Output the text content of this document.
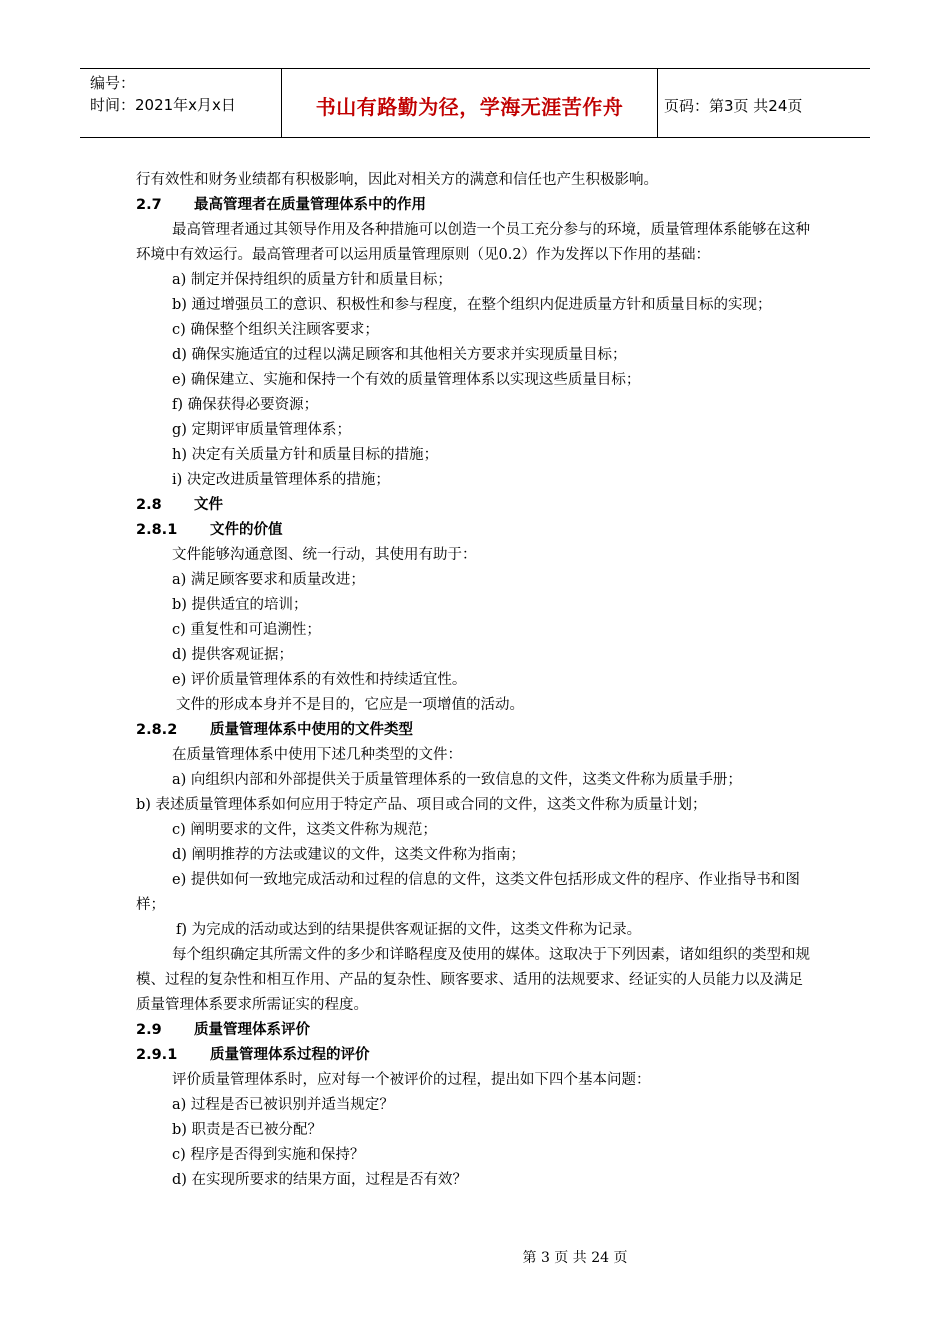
编号：
时间：2021年x月x日	书山有路勤为径，学海无涯苦作舟	页码：第3页 共24页
行有效性和财务业绩都有积极影响，因此对相关方的满意和信任也产生积极影响。
2.7	最高管理者在质量管理体系中的作用
最高管理者通过其领导作用及各种措施可以创造一个员工充分参与的环境，质量管理体系能够在这种环境中有效运行。最高管理者可以运用质量管理原则（见0.2）作为发挥以下作用的基础：
a) 制定并保持组织的质量方针和质量目标；
b) 通过增强员工的意识、积极性和参与程度，在整个组织内促进质量方针和质量目标的实现；
c) 确保整个组织关注顾客要求；
d) 确保实施适宜的过程以满足顾客和其他相关方要求并实现质量目标；
e) 确保建立、实施和保持一个有效的质量管理体系以实现这些质量目标；
f) 确保获得必要资源；
g) 定期评审质量管理体系；
h) 决定有关质量方针和质量目标的措施；
i) 决定改进质量管理体系的措施；
2.8	文件
2.8.1	文件的价值
文件能够沟通意图、统一行动，其使用有助于：
a) 满足顾客要求和质量改进；
b) 提供适宜的培训；
c) 重复性和可追溯性；
d) 提供客观证据；
e) 评价质量管理体系的有效性和持续适宜性。
文件的形成本身并不是目的，它应是一项增值的活动。
2.8.2	质量管理体系中使用的文件类型
在质量管理体系中使用下述几种类型的文件：
a) 向组织内部和外部提供关于质量管理体系的一致信息的文件，这类文件称为质量手册；
b) 表述质量管理体系如何应用于特定产品、项目或合同的文件，这类文件称为质量计划；
c) 阐明要求的文件，这类文件称为规范；
d) 阐明推荐的方法或建议的文件，这类文件称为指南；
e) 提供如何一致地完成活动和过程的信息的文件，这类文件包括形成文件的程序、作业指导书和图样；
f) 为完成的活动或达到的结果提供客观证据的文件，这类文件称为记录。
每个组织确定其所需文件的多少和详略程度及使用的媒体。这取决于下列因素，诸如组织的类型和规模、过程的复杂性和相互作用、产品的复杂性、顾客要求、适用的法规要求、经证实的人员能力以及满足质量管理体系要求所需证实的程度。
2.9	质量管理体系评价
2.9.1	质量管理体系过程的评价
评价质量管理体系时，应对每一个被评价的过程，提出如下四个基本问题：
a) 过程是否已被识别并适当规定？
b) 职责是否已被分配？
c) 程序是否得到实施和保持？
d) 在实现所要求的结果方面，过程是否有效？
第 3 页 共 24 页
